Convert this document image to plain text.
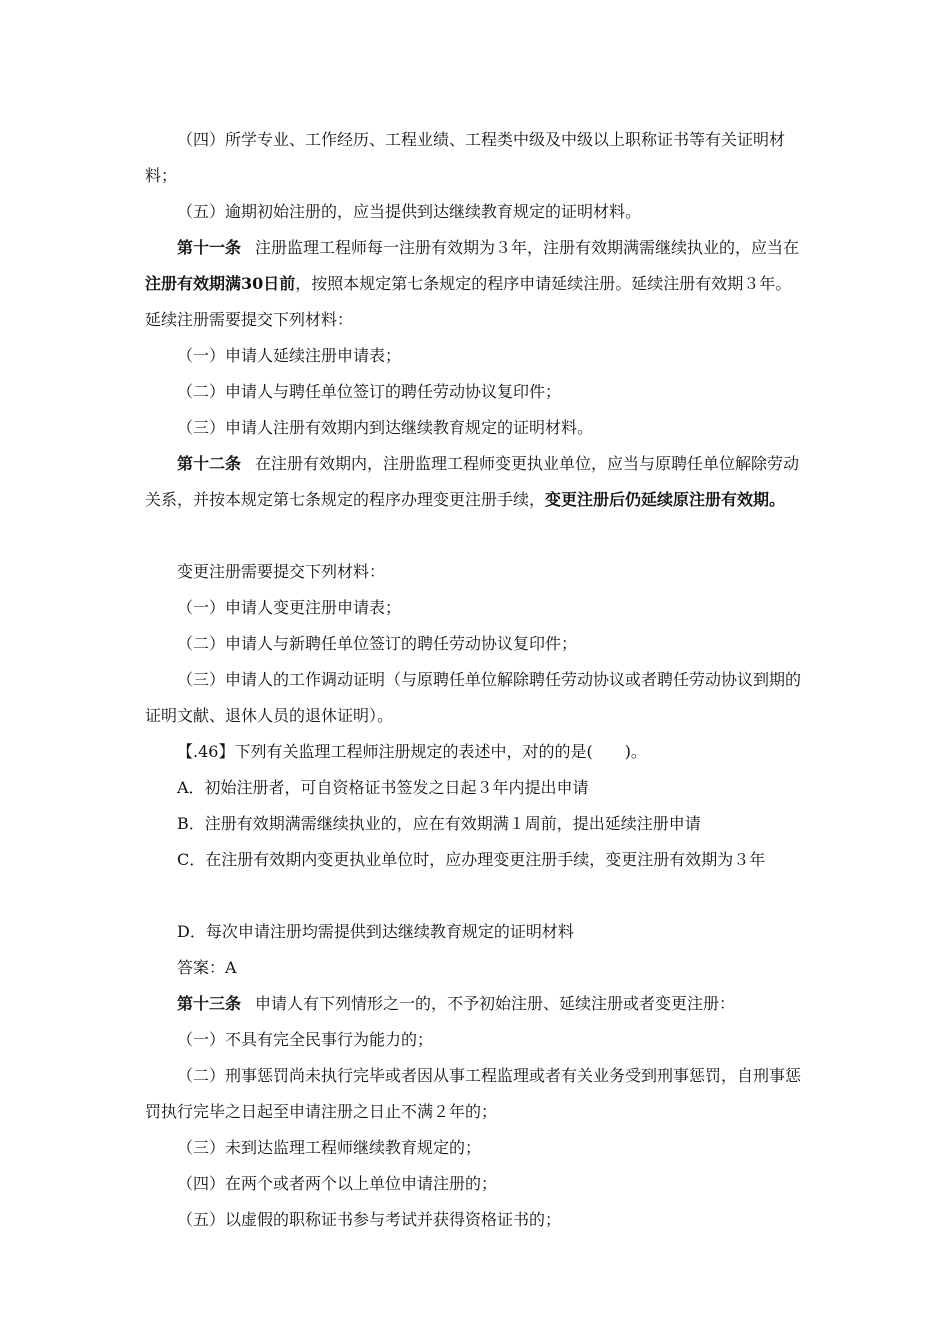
（四）所学专业、工作经历、工程业绩、工程类中级及中级以上职称证书等有关证明材料；

（五）逾期初始注册的，应当提供到达继续教育规定的证明材料。

第十一条 注册监理工程师每一注册有效期为３年，注册有效期满需继续执业的，应当在注册有效期满30日前，按照本规定第七条规定的程序申请延续注册。延续注册有效期３年。延续注册需要提交下列材料：

（一）申请人延续注册申请表；

（二）申请人与聘任单位签订的聘任劳动协议复印件；

（三）申请人注册有效期内到达继续教育规定的证明材料。

第十二条 在注册有效期内，注册监理工程师变更执业单位，应当与原聘任单位解除劳动关系，并按本规定第七条规定的程序办理变更注册手续，变更注册后仍延续原注册有效期。

变更注册需要提交下列材料：

（一）申请人变更注册申请表；

（二）申请人与新聘任单位签订的聘任劳动协议复印件；

（三）申请人的工作调动证明（与原聘任单位解除聘任劳动协议或者聘任劳动协议到期的证明文献、退休人员的退休证明）。

【.46】下列有关监理工程师注册规定的表述中，对的的是(　　)。

A．初始注册者，可自资格证书签发之日起３年内提出申请

B．注册有效期满需继续执业的，应在有效期满１周前，提出延续注册申请

C．在注册有效期内变更执业单位时，应办理变更注册手续，变更注册有效期为３年

D．每次申请注册均需提供到达继续教育规定的证明材料

答案：A

第十三条 申请人有下列情形之一的，不予初始注册、延续注册或者变更注册：

（一）不具有完全民事行为能力的；

（二）刑事惩罚尚未执行完毕或者因从事工程监理或者有关业务受到刑事惩罚，自刑事惩罚执行完毕之日起至申请注册之日止不满２年的；

（三）未到达监理工程师继续教育规定的；

（四）在两个或者两个以上单位申请注册的；

（五）以虚假的职称证书参与考试并获得资格证书的；
